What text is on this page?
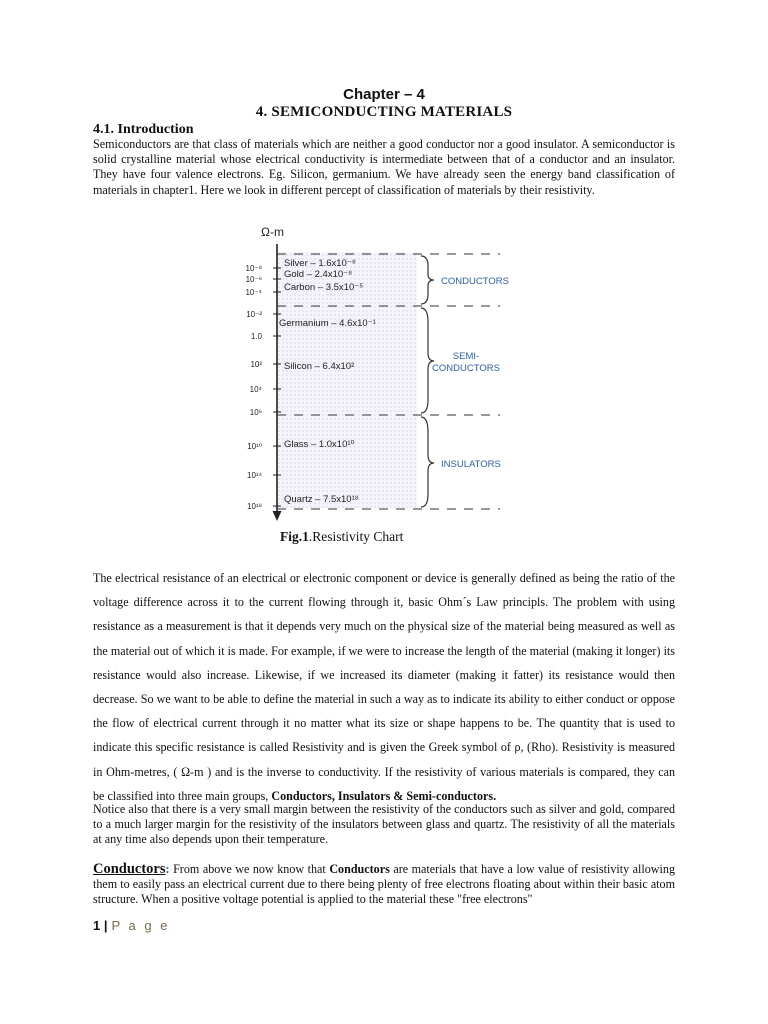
Chapter – 4
4. SEMICONDUCTING MATERIALS
4.1. Introduction
Semiconductors are that class of materials which are neither a good conductor nor a good insulator. A semiconductor is solid crystalline material whose electrical conductivity is intermediate between that of a conductor and an insulator. They have four valence electrons. Eg. Silicon, germanium. We have already seen the energy band classification of materials in chapter1. Here we look in different percept of classification of materials by their resistivity.
Ω-m
10⁻⁸
10⁻⁶
10⁻⁴
10⁻²
1.0
10²
10⁴
10⁶
10¹⁰
10¹⁴
10¹⁸
Silver – 1.6x10⁻⁸
Gold – 2.4x10⁻⁸
Carbon – 3.5x10⁻⁵
Germanium – 4.6x10⁻¹
Silicon – 6.4x10²
Glass – 1.0x10¹⁰
Quartz – 7.5x10¹⁸
CONDUCTORS
SEMI-
CONDUCTORS
INSULATORS
Fig.1.Resistivity Chart
The electrical resistance of an electrical or electronic component or device is generally defined as being the ratio of the voltage difference across it to the current flowing through it, basic Ohm´s Law principls. The problem with using resistance as a measurement is that it depends very much on the physical size of the material being measured as well as the material out of which it is made. For example, if we were to increase the length of the material (making it longer) its resistance would also increase. Likewise, if we increased its diameter (making it fatter) its resistance would then decrease. So we want to be able to define the material in such a way as to indicate its ability to either conduct or oppose the flow of electrical current through it no matter what its size or shape happens to be. The quantity that is used to indicate this specific resistance is called Resistivity and is given the Greek symbol of ρ, (Rho). Resistivity is measured in Ohm-metres, ( Ω-m ) and is the inverse to conductivity. If the resistivity of various materials is compared, they can be classified into three main groups, Conductors, Insulators & Semi-conductors.
Notice also that there is a very small margin between the resistivity of the conductors such as silver and gold, compared to a much larger margin for the resistivity of the insulators between glass and quartz. The resistivity of all the materials at any time also depends upon their temperature.
Conductors: From above we now know that Conductors are materials that have a low value of resistivity allowing them to easily pass an electrical current due to there being plenty of free electrons floating about within their basic atom structure. When a positive voltage potential is applied to the material these "free electrons"
1 | P a g e
